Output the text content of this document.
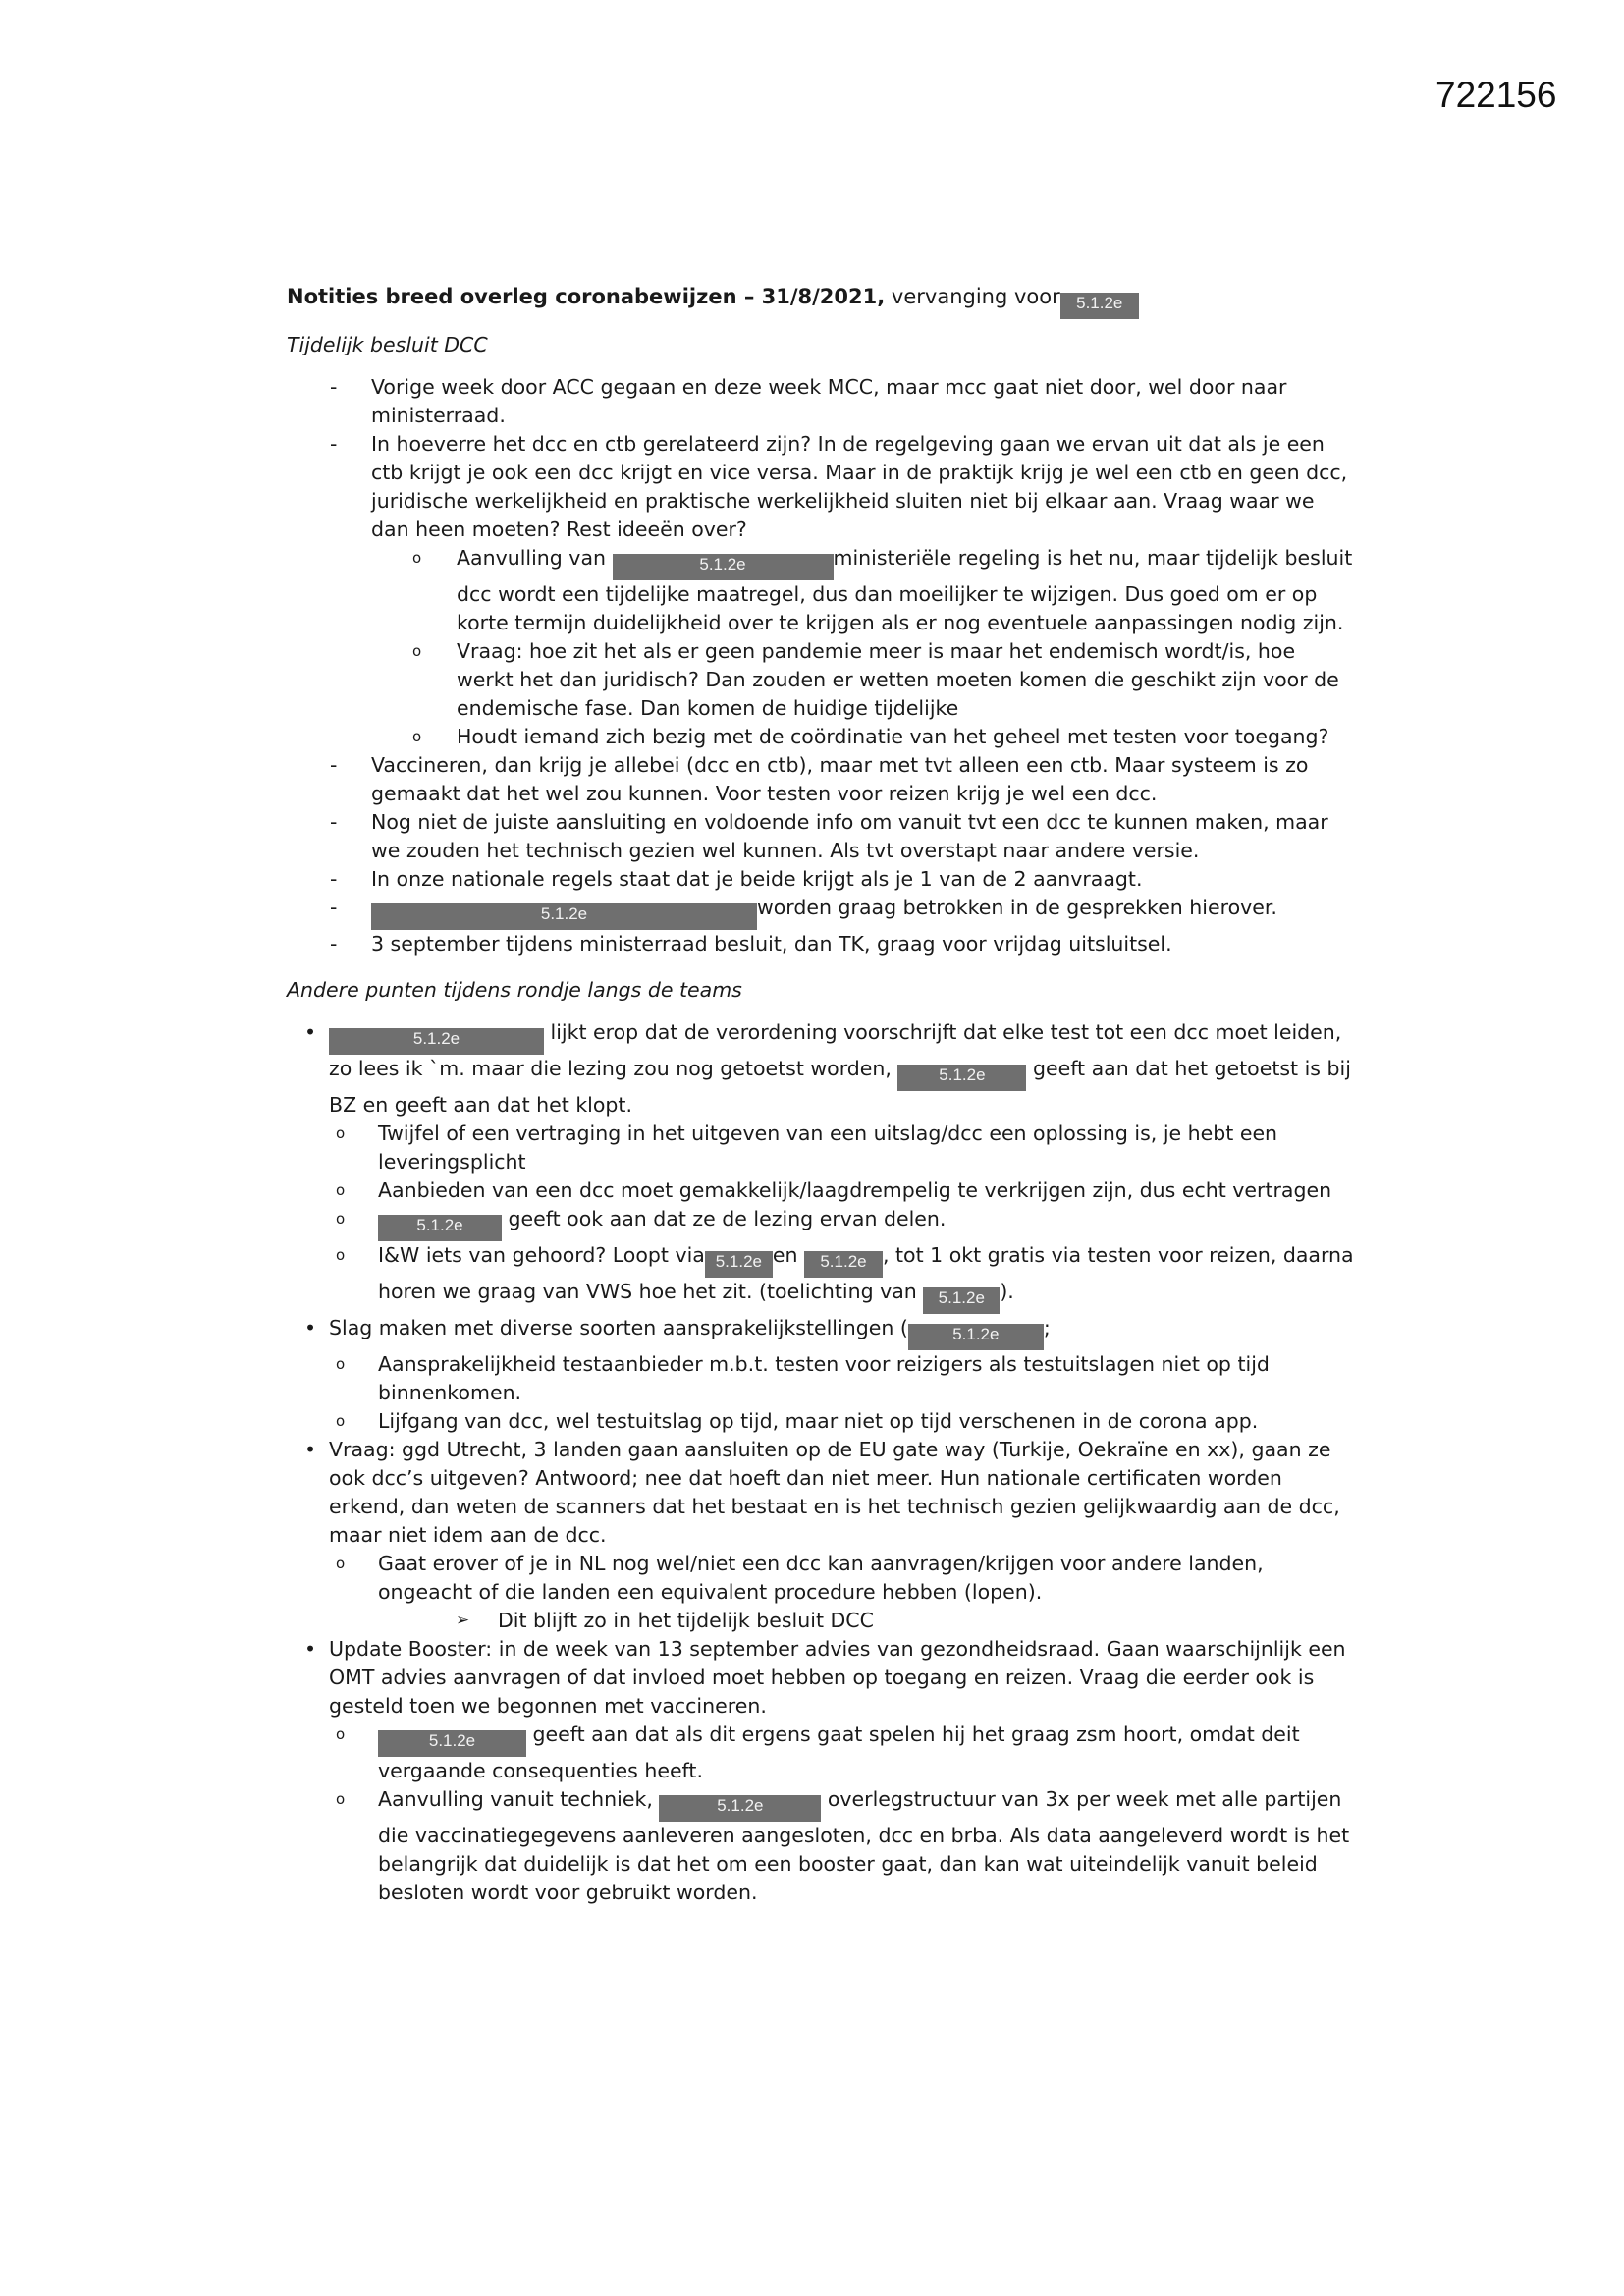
722156
Notities breed overleg coronabewijzen – 31/8/2021, vervanging voor 5.1.2e
Tijdelijk besluit DCC
- Vorige week door ACC gegaan en deze week MCC, maar mcc gaat niet door, wel door naar ministerraad.
- In hoeverre het dcc en ctb gerelateerd zijn? In de regelgeving gaan we ervan uit dat als je een ctb krijgt je ook een dcc krijgt en vice versa. Maar in de praktijk krijg je wel een ctb en geen dcc, juridische werkelijkheid en praktische werkelijkheid sluiten niet bij elkaar aan. Vraag waar we dan heen moeten? Rest ideeën over?
o Aanvulling van	5.1.2e	ministeriële regeling is het nu, maar tijdelijk besluit dcc wordt een tijdelijke maatregel, dus dan moeilijker te wijzigen. Dus goed om er op korte termijn duidelijkheid over te krijgen als er nog eventuele aanpassingen nodig zijn.
o Vraag: hoe zit het als er geen pandemie meer is maar het endemisch wordt/is, hoe werkt het dan juridisch? Dan zouden er wetten moeten komen die geschikt zijn voor de endemische fase. Dan komen de huidige tijdelijke
o Houdt iemand zich bezig met de coördinatie van het geheel met testen voor toegang?
- Vaccineren, dan krijg je allebei (dcc en ctb), maar met tvt alleen een ctb. Maar systeem is zo gemaakt dat het wel zou kunnen. Voor testen voor reizen krijg je wel een dcc.
- Nog niet de juiste aansluiting en voldoende info om vanuit tvt een dcc te kunnen maken, maar we zouden het technisch gezien wel kunnen. Als tvt overstapt naar andere versie.
- In onze nationale regels staat dat je beide krijgt als je 1 van de 2 aanvraagt.
-	5.1.2e	worden graag betrokken in de gesprekken hierover.
- 3 september tijdens ministerraad besluit, dan TK, graag voor vrijdag uitsluitsel.
Andere punten tijdens rondje langs de teams
•	5.1.2e	lijkt erop dat de verordening voorschrijft dat elke test tot een dcc moet leiden, zo lees ik `m. maar die lezing zou nog getoetst worden, 5.1.2e geeft aan dat het getoetst is bij BZ en geeft aan dat het klopt.
o Twijfel of een vertraging in het uitgeven van een uitslag/dcc een oplossing is, je hebt een leveringsplicht
o Aanbieden van een dcc moet gemakkelijk/laagdrempelig te verkrijgen zijn, dus echt vertragen
o	5.1.2e geeft ook aan dat ze de lezing ervan delen.
o I&W iets van gehoord? Loopt via 5.1.2e en 5.1.2e , tot 1 okt gratis via testen voor reizen, daarna horen we graag van VWS hoe het zit. (toelichting van 5.1.2e ).
• Slag maken met diverse soorten aansprakelijkstellingen (	5.1.2e ;
o Aansprakelijkheid testaanbieder m.b.t. testen voor reizigers als testuitslagen niet op tijd binnenkomen.
o Lijfgang van dcc, wel testuitslag op tijd, maar niet op tijd verschenen in de corona app.
• Vraag: ggd Utrecht, 3 landen gaan aansluiten op de EU gate way (Turkije, Oekraïne en xx), gaan ze ook dcc’s uitgeven? Antwoord; nee dat hoeft dan niet meer. Hun nationale certificaten worden erkend, dan weten de scanners dat het bestaat en is het technisch gezien gelijkwaardig aan de dcc, maar niet idem aan de dcc.
o Gaat erover of je in NL nog wel/niet een dcc kan aanvragen/krijgen voor andere landen, ongeacht of die landen een equivalent procedure hebben (lopen).
➢ Dit blijft zo in het tijdelijk besluit DCC
• Update Booster: in de week van 13 september advies van gezondheidsraad. Gaan waarschijnlijk een OMT advies aanvragen of dat invloed moet hebben op toegang en reizen. Vraag die eerder ook is gesteld toen we begonnen met vaccineren.
o	5.1.2e	geeft aan dat als dit ergens gaat spelen hij het graag zsm hoort, omdat deit vergaande consequenties heeft.
o Aanvulling vanuit techniek,	5.1.2e	overlegstructuur van 3x per week met alle partijen die vaccinatiegegevens aanleveren aangesloten, dcc en brba. Als data aangeleverd wordt is het belangrijk dat duidelijk is dat het om een booster gaat, dan kan wat uiteindelijk vanuit beleid besloten wordt voor gebruikt worden.
